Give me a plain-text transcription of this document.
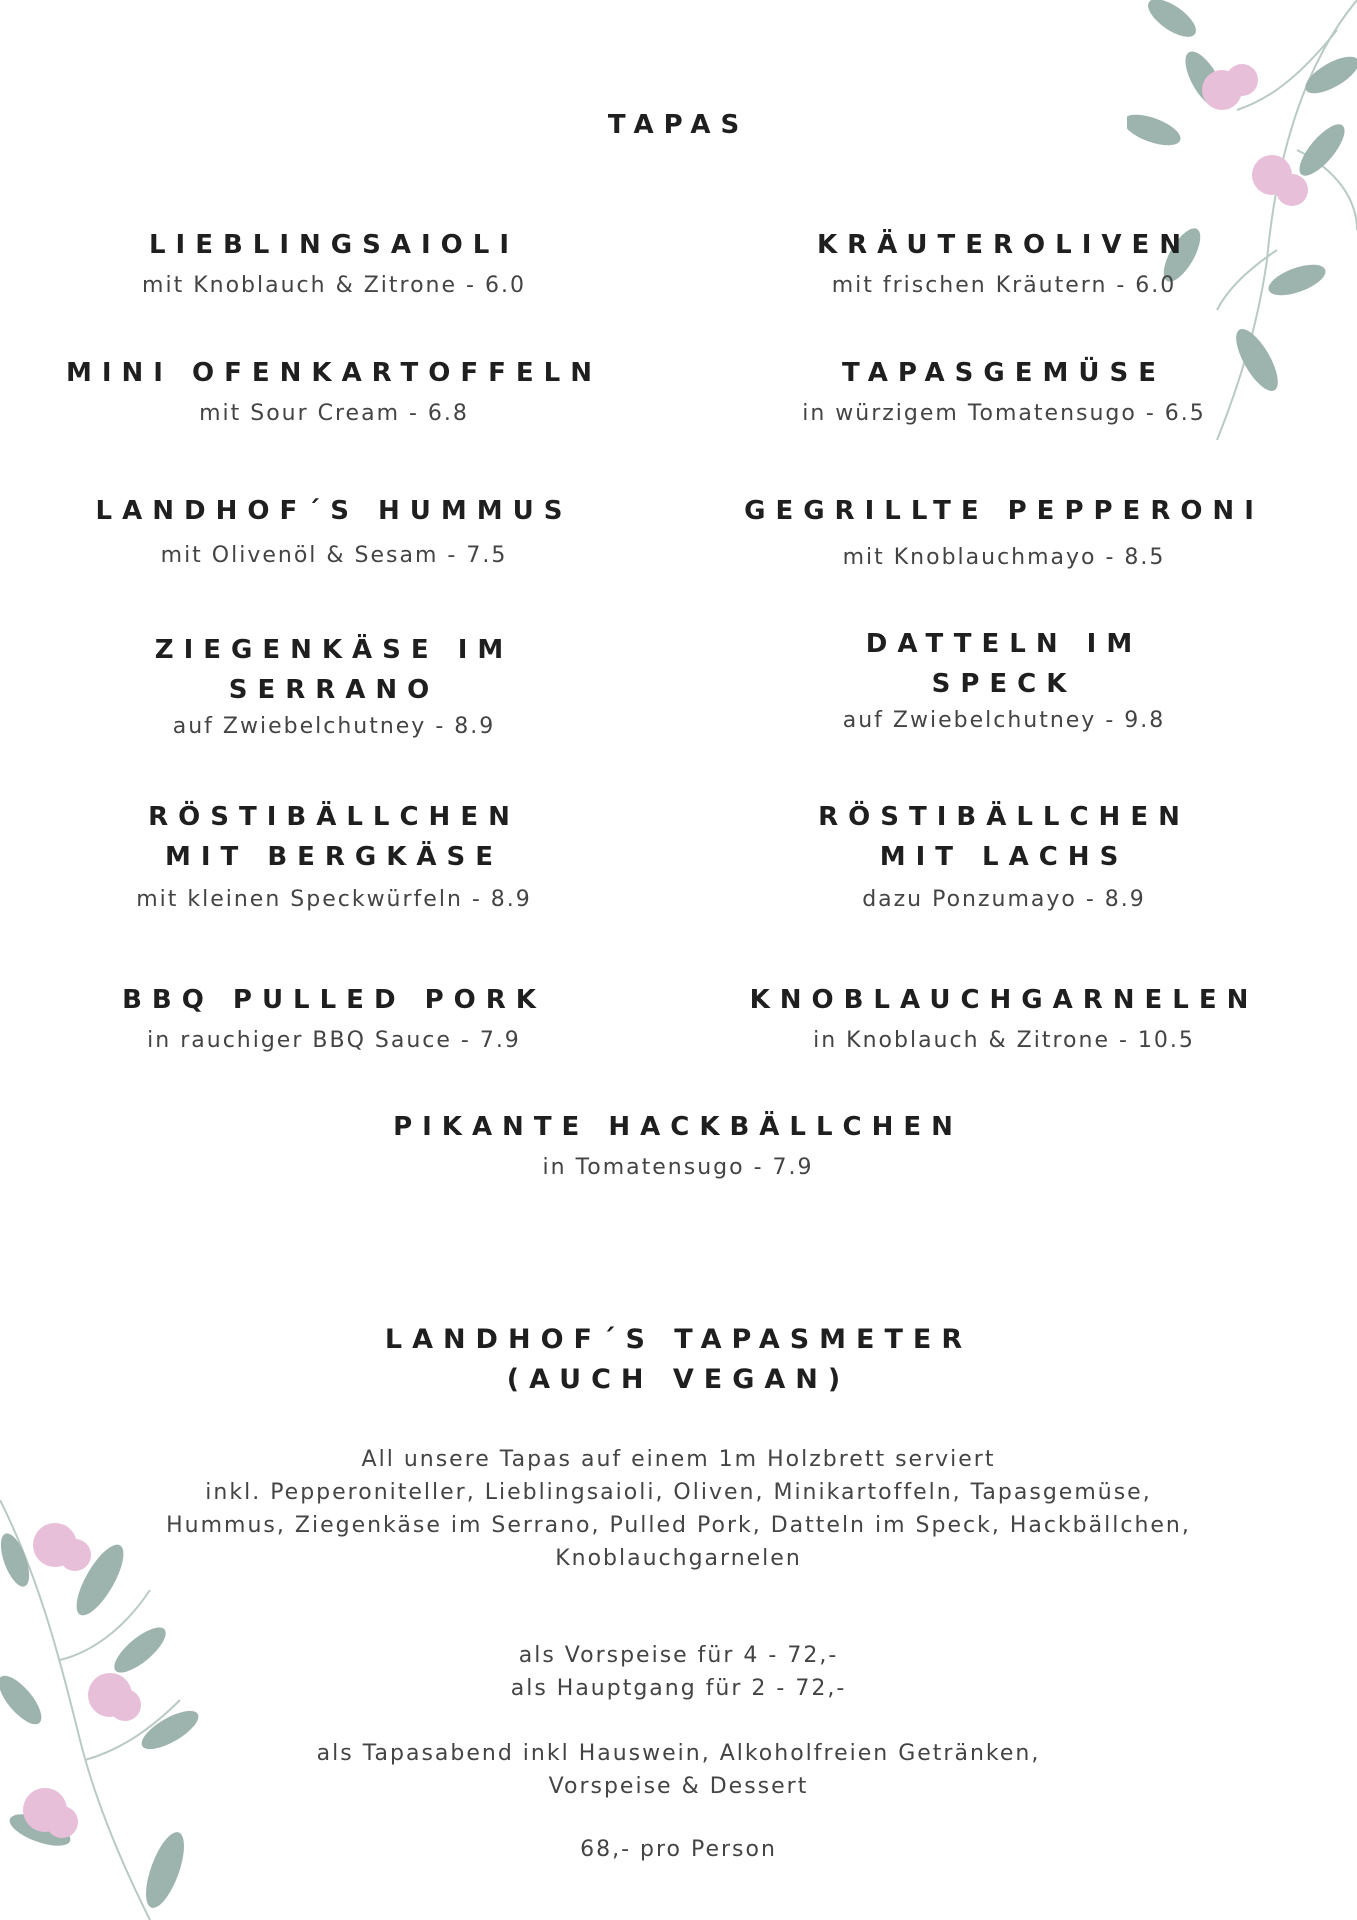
TAPAS
LIEBLINGSAIOLI
mit Knoblauch & Zitrone - 6.0
KRÄUTEROLIVEN
mit frischen Kräutern - 6.0
MINI OFENKARTOFFELN
mit Sour Cream - 6.8
TAPASGEMÜSE
in würzigem Tomatensugo - 6.5
LANDHOF´S HUMMUS
mit Olivenöl & Sesam - 7.5
GEGRILLTE PEPPERONI
mit Knoblauchmayo - 8.5
ZIEGENKÄSE IM SERRANO
auf Zwiebelchutney - 8.9
DATTELN IM SPECK
auf Zwiebelchutney - 9.8
RÖSTIBÄLLCHEN MIT BERGKÄSE
mit kleinen Speckwürfeln - 8.9
RÖSTIBÄLLCHEN MIT LACHS
dazu Ponzumayo - 8.9
BBQ PULLED PORK
in rauchiger BBQ Sauce - 7.9
KNOBLAUCHGARNELEN
in Knoblauch & Zitrone - 10.5
PIKANTE HACKBÄLLCHEN
in Tomatensugo - 7.9
LANDHOF´S TAPASMETER
(AUCH VEGAN)
All unsere Tapas auf einem 1m Holzbrett serviert
inkl. Pepperoniteller, Lieblingsaioli, Oliven, Minikartoffeln, Tapasgemüse,
Hummus, Ziegenkäse im Serrano, Pulled Pork, Datteln im Speck, Hackbällchen,
Knoblauchgarnelen
als Vorspeise für 4 - 72,-
als Hauptgang für 2 - 72,-
als Tapasabend inkl Hauswein, Alkoholfreien Getränken,
Vorspeise & Dessert
68,- pro Person
